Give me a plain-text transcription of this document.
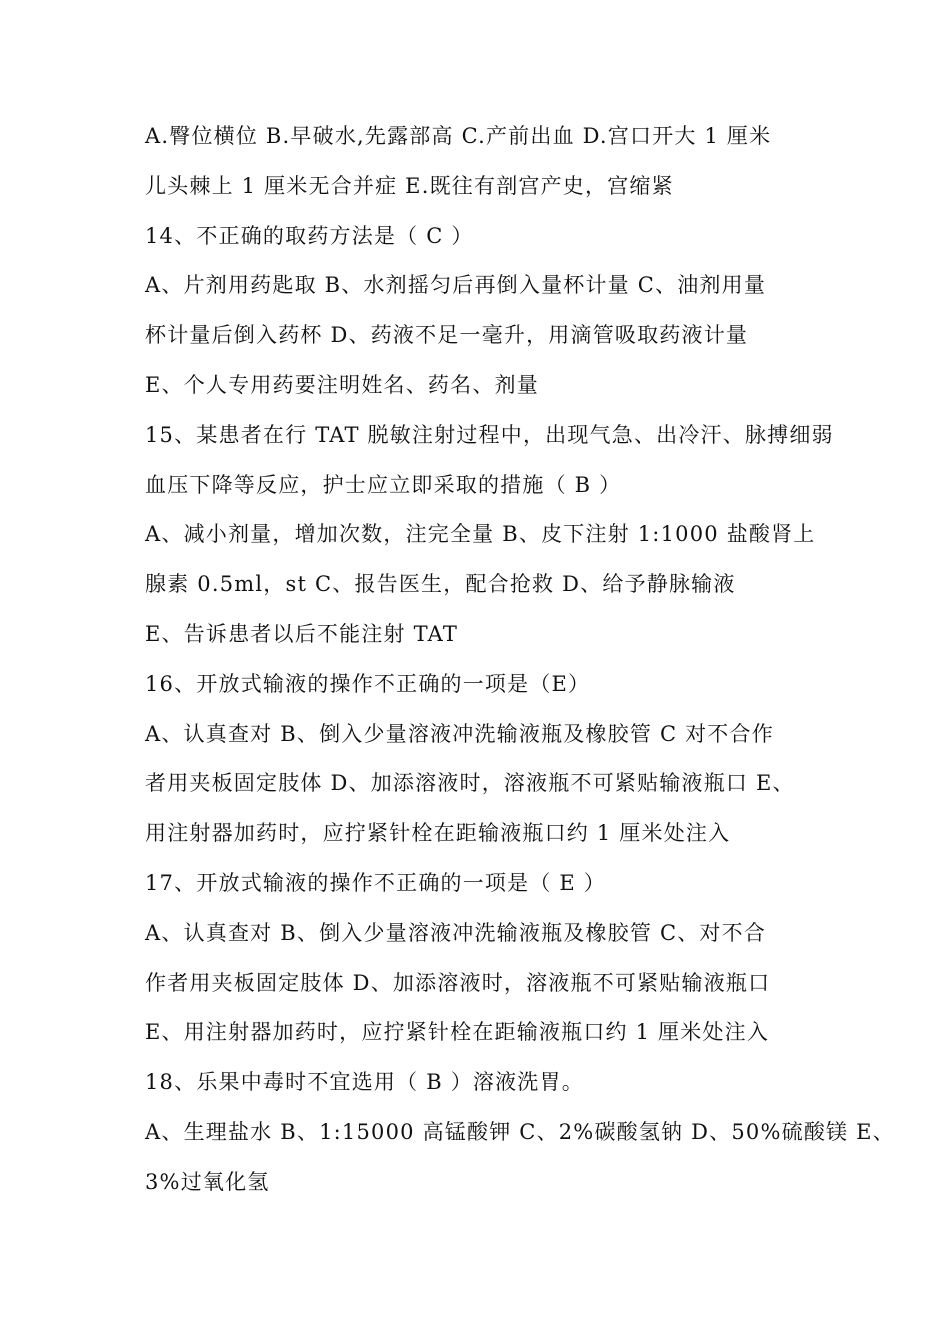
A.臀位横位 B.早破水,先露部高 C.产前出血 D.宫口开大 1 厘米
儿头棘上 1 厘米无合并症 E.既往有剖宫产史，宫缩紧
14、不正确的取药方法是（ C ）
A、片剂用药匙取 B、水剂摇匀后再倒入量杯计量 C、油剂用量
杯计量后倒入药杯 D、药液不足一毫升，用滴管吸取药液计量
E、个人专用药要注明姓名、药名、剂量
15、某患者在行 TAT 脱敏注射过程中，出现气急、出冷汗、脉搏细弱
血压下降等反应，护士应立即采取的措施（ B ）
A、减小剂量，增加次数，注完全量 B、皮下注射 1:1000 盐酸肾上
腺素 0.5ml，st C、报告医生，配合抢救 D、给予静脉输液
E、告诉患者以后不能注射 TAT
16、开放式输液的操作不正确的一项是（E）
A、认真查对 B、倒入少量溶液冲洗输液瓶及橡胶管 C 对不合作
者用夹板固定肢体 D、加添溶液时，溶液瓶不可紧贴输液瓶口 E、
用注射器加药时，应拧紧针栓在距输液瓶口约 1 厘米处注入
17、开放式输液的操作不正确的一项是（ E ）
A、认真查对 B、倒入少量溶液冲洗输液瓶及橡胶管 C、对不合
作者用夹板固定肢体 D、加添溶液时，溶液瓶不可紧贴输液瓶口
E、用注射器加药时，应拧紧针栓在距输液瓶口约 1 厘米处注入
18、乐果中毒时不宜选用（ B ）溶液洗胃。
A、生理盐水 B、1:15000 高锰酸钾 C、2%碳酸氢钠 D、50%硫酸镁 E、
3%过氧化氢
